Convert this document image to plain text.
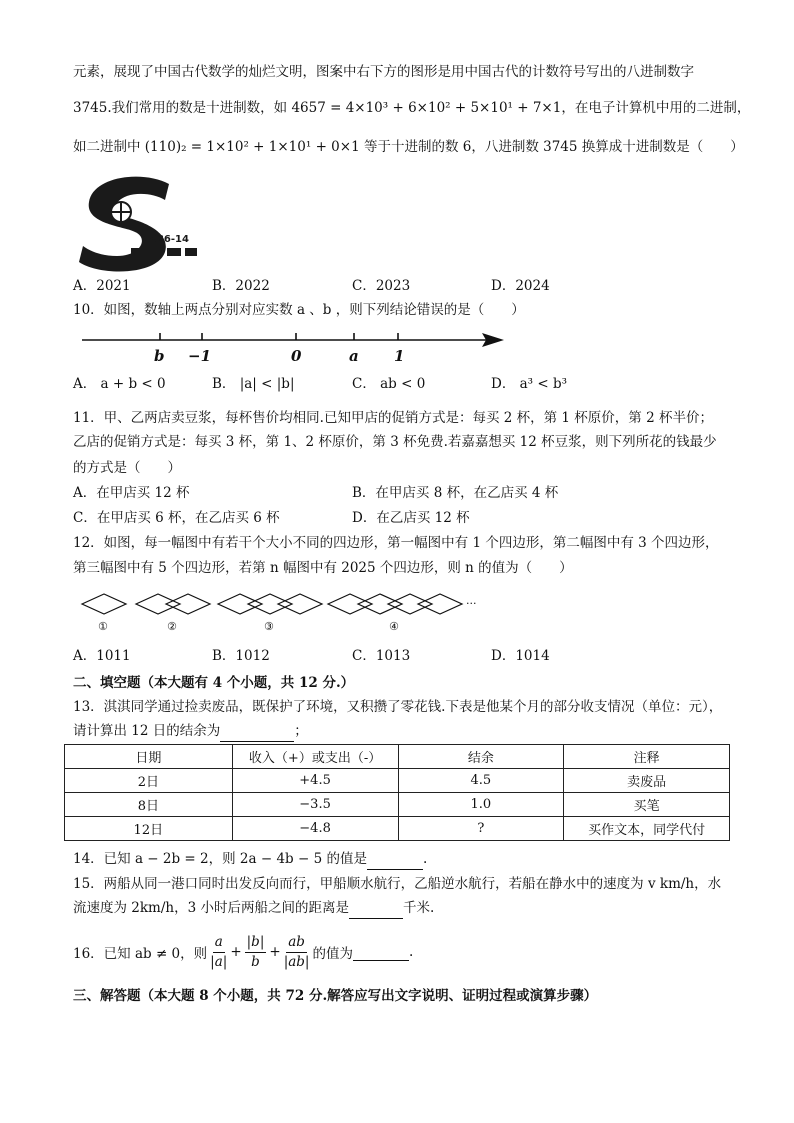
元素，展现了中国古代数学的灿烂文明，图案中右下方的图形是用中国古代的计数符号写出的八进制数字
3745.我们常用的数是十进制数，如 4657 = 4×10³ + 6×10² + 5×10¹ + 7×1，在电子计算机中用的二进制，
如二进制中 (110)₂ = 1×10² + 1×10¹ + 0×1 等于十进制的数 6，八进制数 3745 换算成十进制数是（　　）
1086-14
A．2021	B．2022	C．2023	D．2024
10．如图，数轴上两点分别对应实数 a 、b ，则下列结论错误的是（　　）
b −1	0	a 1
A． a + b < 0	B． |a| < |b|	C． ab < 0	D． a³ < b³
11．甲、乙两店卖豆浆，每杯售价均相同.已知甲店的促销方式是：每买 2 杯，第 1 杯原价，第 2 杯半价；
乙店的促销方式是：每买 3 杯，第 1、2 杯原价，第 3 杯免费.若嘉嘉想买 12 杯豆浆，则下列所花的钱最少
的方式是（　　）
A．在甲店买 12 杯	B．在甲店买 8 杯，在乙店买 4 杯
C．在甲店买 6 杯，在乙店买 6 杯	D．在乙店买 12 杯
12．如图，每一幅图中有若干个大小不同的四边形，第一幅图中有 1 个四边形，第二幅图中有 3 个四边形，
第三幅图中有 5 个四边形，若第 n 幅图中有 2025 个四边形，则 n 的值为（　　）
①	②	③	④
···
A．1011	B．1012	C．1013	D．1014
二、填空题（本大题有 4 个小题，共 12 分.）
13．淇淇同学通过捡卖废品，既保护了环境，又积攒了零花钱.下表是他某个月的部分收支情况（单位：元），
请计算出 12 日的结余为	；
日期	收入（+）或支出（-）	结余	注释
2日	+4.5	4.5	卖废品
8日	−3.5	1.0	买笔
12日	−4.8	?	买作文本，同学代付
14．已知 a − 2b = 2，则 2a − 4b − 5 的值是	.
15．两船从同一港口同时出发反向而行，甲船顺水航行，乙船逆水航行，若船在静水中的速度为 v km/h，水
流速度为 2km/h，3 小时后两船之间的距离是	千米.
16．已知 ab ≠ 0，则 $\frac{a}{|a|} + \frac{|b|}{b} + \frac{ab}{|ab|}$ 的值为
	.
三、解答题（本大题 8 个小题，共 72 分.解答应写出文字说明、证明过程或演算步骤）
